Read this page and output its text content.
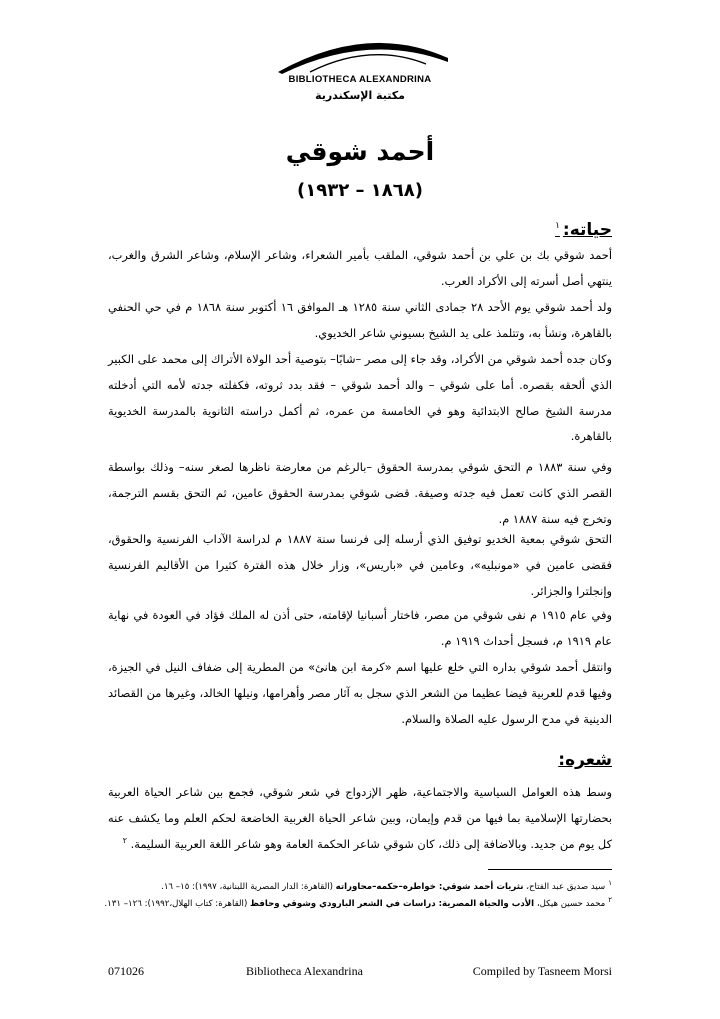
BIBLIOTHECA ALEXANDRINA
مكتبة الإسكندرية
أحمد شوقي
(١٨٦٨ – ١٩٣٢)
حياته:$^١$
أحمد شوقي بك بن علي بن أحمد شوقي، الملقب بأمير الشعراء، وشاعر الإسلام، وشاعر الشرق والغرب، ينتهي أصل أسرته إلى الأكراد العرب.
ولد أحمد شوقي يوم الأحد ٢٨ جمادى الثاني سنة ١٢٨٥ هـ الموافق ١٦ أكتوبر سنة ١٨٦٨ م في حي الحنفي بالقاهرة، ونشأ به، وتتلمذ على يد الشيخ بسيوني شاعر الخديوي.
وكان جده أحمد شوقي من الأكراد، وقد جاء إلى مصر –شابًا– بتوصية أحد الولاة الأتراك إلى محمد على الكبير الذي ألحقه بقصره. أما على شوقي – والد أحمد شوقي – فقد بدد ثروته، فكفلته جدته لأمه التي أدخلته مدرسة الشيخ صالح الابتدائية وهو في الخامسة من عمره، ثم أكمل دراسته الثانوية بالمدرسة الخديوية بالقاهرة.
وفي سنة ١٨٨٣ م التحق شوقي بمدرسة الحقوق –بالرغم من معارضة ناظرها لصغر سنه– وذلك بواسطة القصر الذي كانت تعمل فيه جدته وصيفة. قضى شوقي بمدرسة الحقوق عامين، ثم التحق بقسم الترجمة، وتخرج فيه سنة ١٨٨٧ م.
التحق شوقي بمعية الخديو توفيق الذي أرسله إلى فرنسا سنة ١٨٨٧ م لدراسة الآداب الفرنسية والحقوق، فقضى عامين في «مونبليه»، وعامين في «باريس»، وزار خلال هذه الفترة كثيرا من الأقاليم الفرنسية وإنجلترا والجزائر.
وفي عام ١٩١٥ م نفى شوقي من مصر، فاختار أسبانيا لإقامته، حتى أذن له الملك فؤاد في العودة في نهاية عام ١٩١٩ م، فسجل أحداث ١٩١٩ م.
وانتقل أحمد شوقي بداره التي خلع عليها اسم «كرمة ابن هانئ» من المطرية إلى ضفاف النيل في الجيزة، وفيها قدم للعربية فيضا عظيما من الشعر الذي سجل به آثار مصر وأهرامها، ونيلها الخالد، وغيرها من القصائد الدينية في مدح الرسول عليه الصلاة والسلام.
شعره:
وسط هذه العوامل السياسية والاجتماعية، ظهر الإزدواج في شعر شوقي، فجمع بين شاعر الحياة العربية بحضارتها الإسلامية بما فيها من قدم وإيمان، وبين شاعر الحياة الغربية الخاضعة لحكم العلم وما يكشف عنه كل يوم من جديد. وبالاضافة إلى ذلك، كان شوقي شاعر الحكمة العامة وهو شاعر اللغة العربية السليمة. $^٢$
$^١$سيد صديق عبد الفتاح، نثريات أحمد شوقي: خواطره–حكمه–محاوراته (القاهرة: الدار المصرية اللبنانية، ١٩٩٧): ١٥– ١٦.
$^٢$محمد حسين هيكل، الأدب والحياة المصرية: دراسات في الشعر البارودي وشوقي وحافظ (القاهرة: كتاب الهلال،١٩٩٢): ١٢٦– ١٣١.
071026	Bibliotheca Alexandrina	Compiled by Tasneem Morsi
